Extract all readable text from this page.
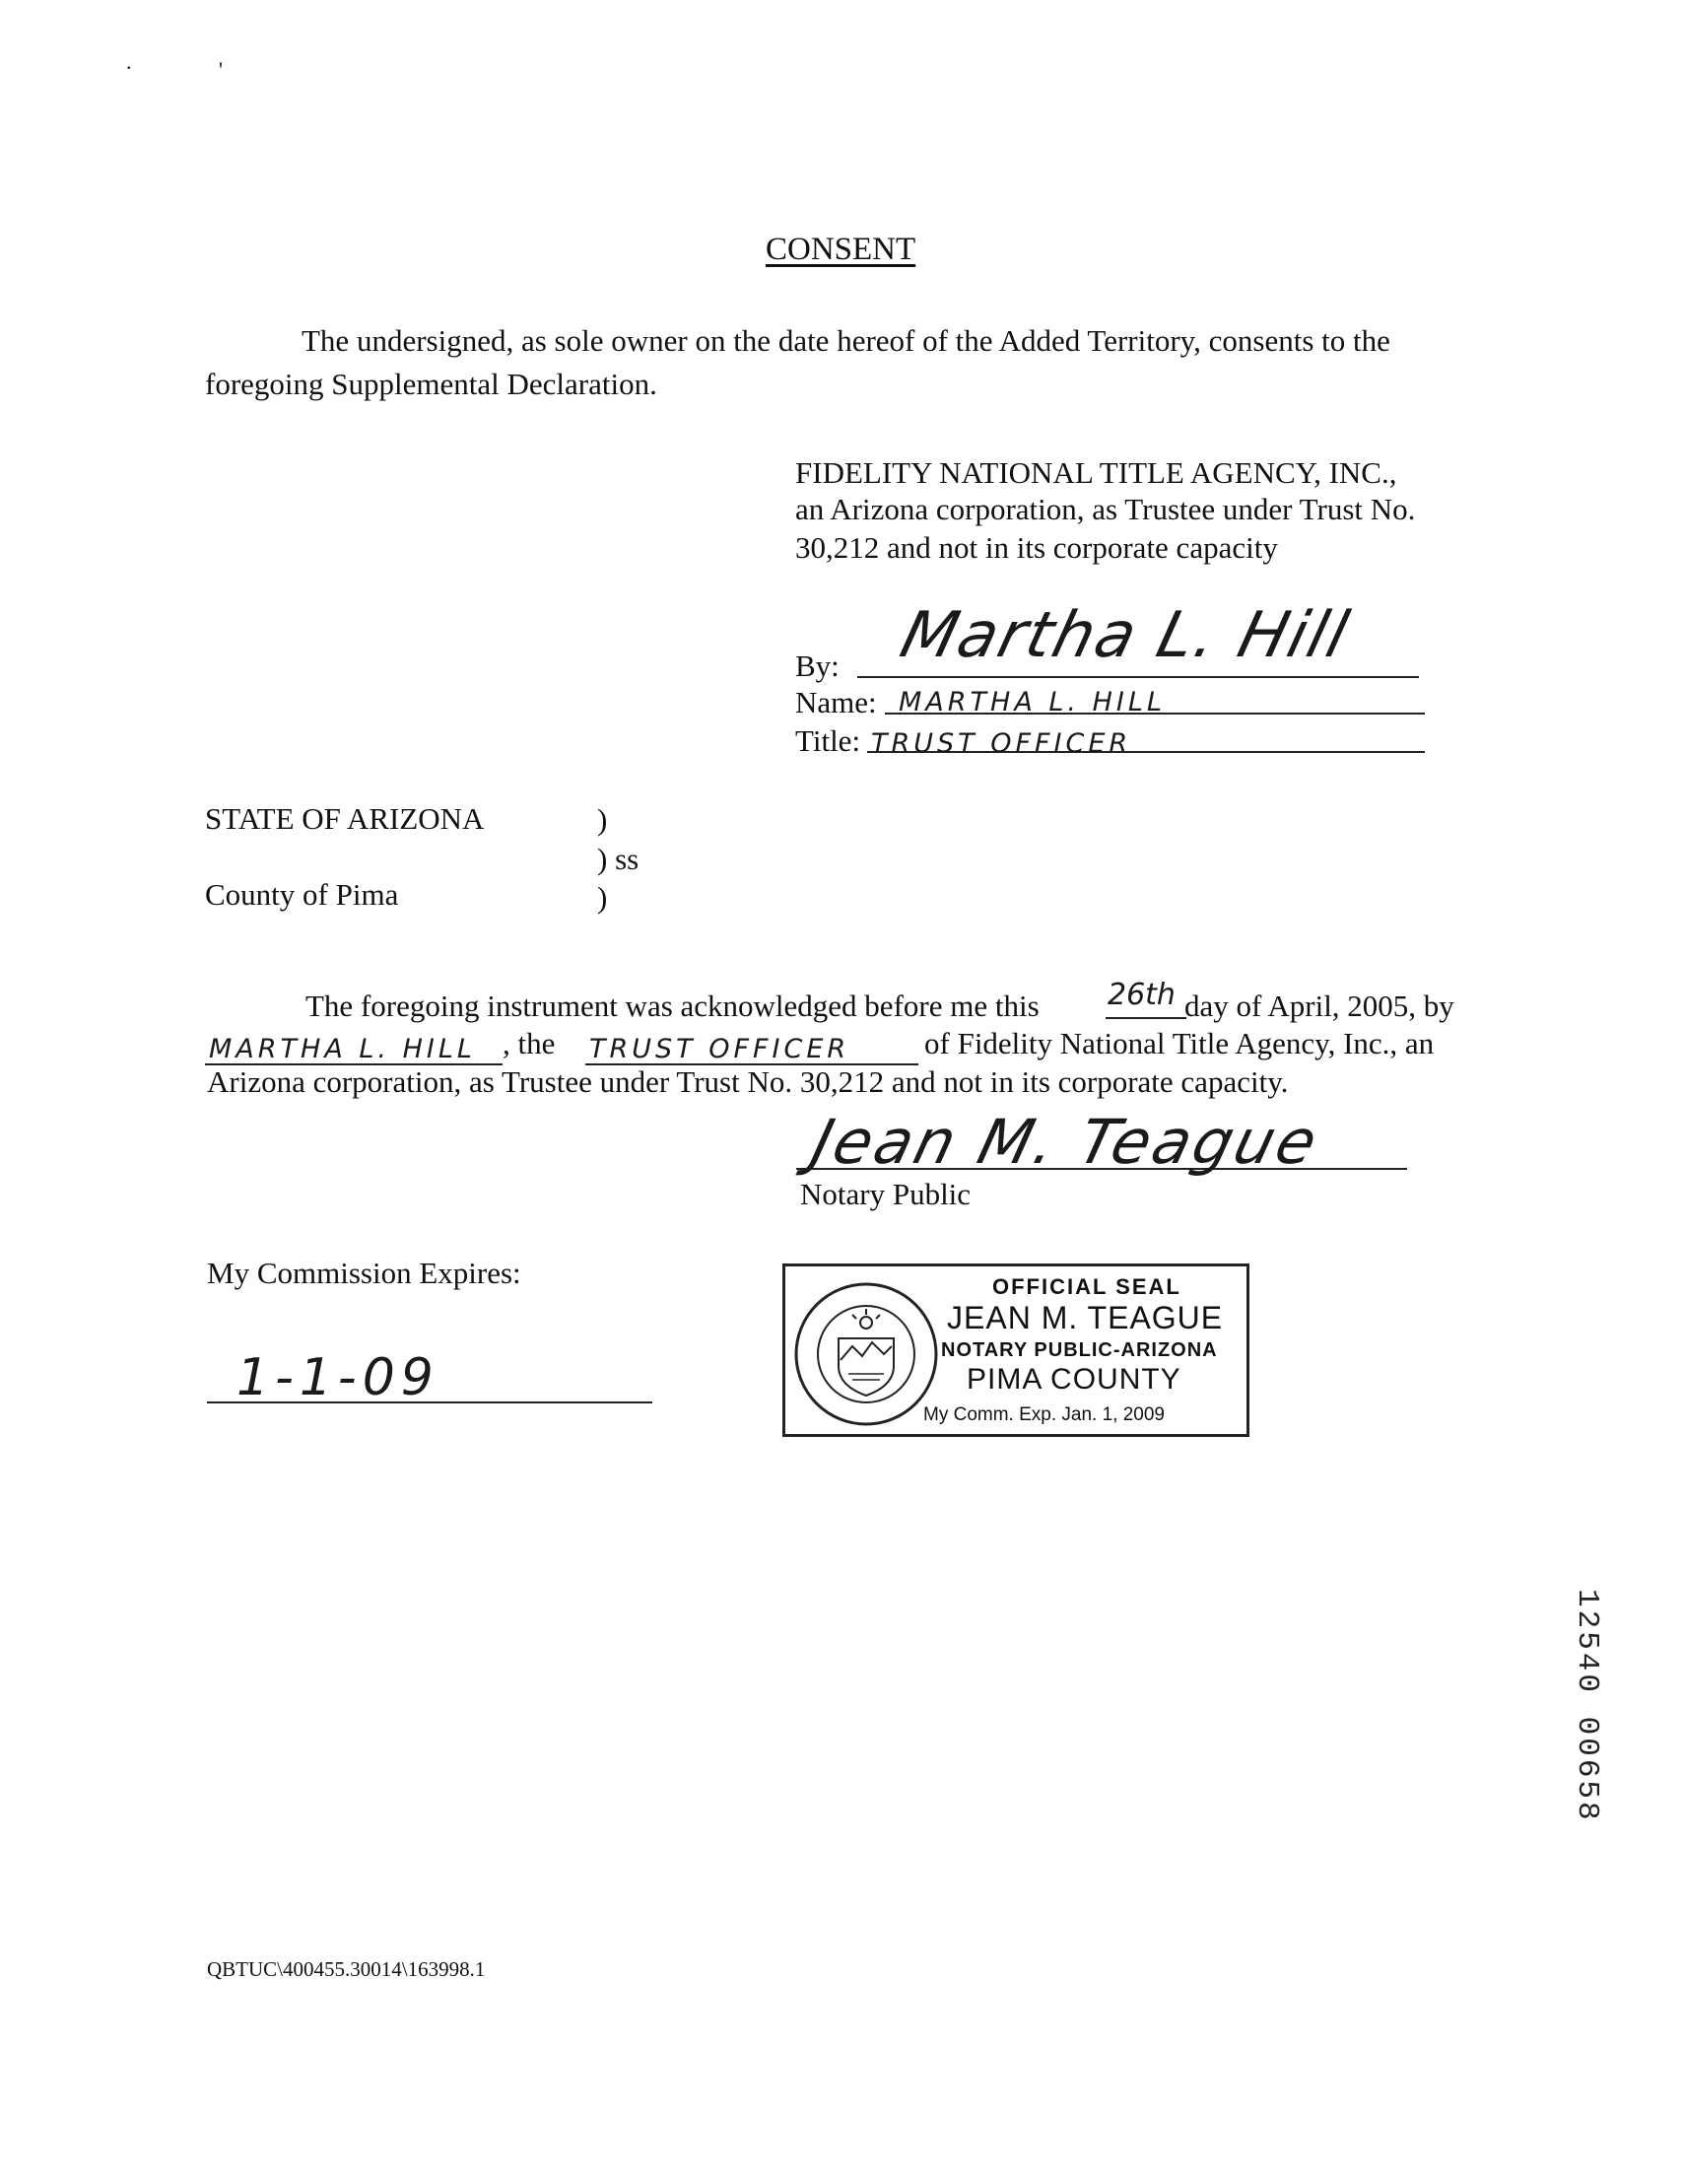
.	'
CONSENT
The undersigned, as sole owner on the date hereof of the Added Territory, consents to the
foregoing Supplemental Declaration.
FIDELITY NATIONAL TITLE AGENCY, INC.,
an Arizona corporation, as Trustee under Trust No.
30,212 and not in its corporate capacity
By: Martha L. Hill
Name: MARTHA L. HILL
Title: TRUST OFFICER
STATE OF ARIZONA
County of Pima
)
) ss
)
The foregoing instrument was acknowledged before me this 26th day of April, 2005, by
MARTHA L. HILL , the TRUST OFFICER of Fidelity National Title Agency, Inc., an
Arizona corporation, as Trustee under Trust No. 30,212 and not in its corporate capacity.
Jean M. Teague
Notary Public
My Commission Expires:
1-1-09
OFFICIAL SEAL
JEAN M. TEAGUE
NOTARY PUBLIC-ARIZONA
PIMA COUNTY
My Comm. Exp. Jan. 1, 2009
12540 00658
QBTUC\400455.30014\163998.1
